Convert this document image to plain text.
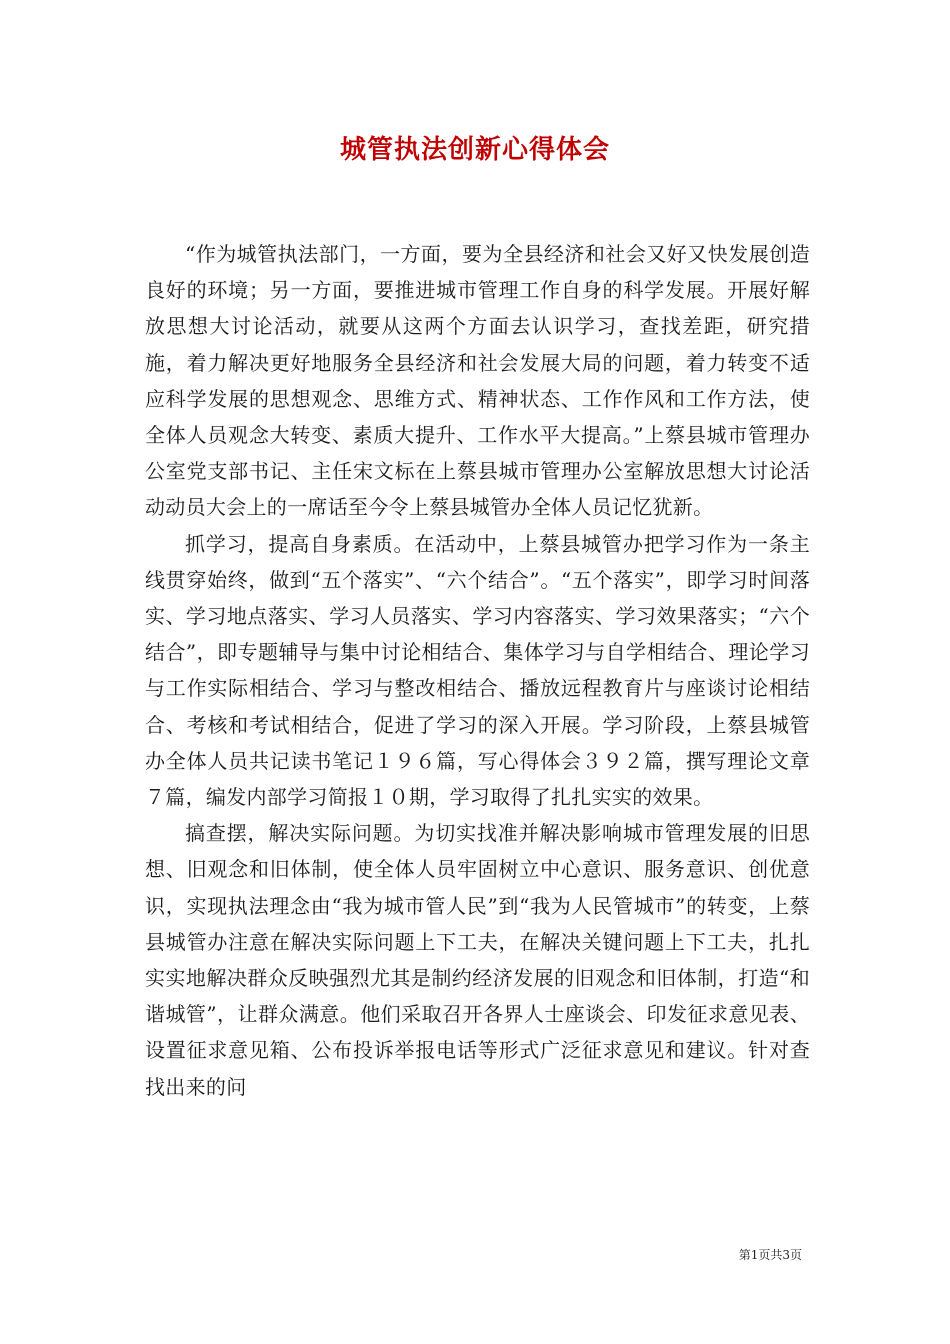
城管执法创新心得体会

“作为城管执法部门，一方面，要为全县经济和社会又好又快发展创造良好的环境；另一方面，要推进城市管理工作自身的科学发展。开展好解放思想大讨论活动，就要从这两个方面去认识学习，查找差距，研究措施，着力解决更好地服务全县经济和社会发展大局的问题，着力转变不适应科学发展的思想观念、思维方式、精神状态、工作作风和工作方法，使全体人员观念大转变、素质大提升、工作水平大提高。”上蔡县城市管理办公室党支部书记、主任宋文标在上蔡县城市管理办公室解放思想大讨论活动动员大会上的一席话至今令上蔡县城管办全体人员记忆犹新。

抓学习，提高自身素质。在活动中，上蔡县城管办把学习作为一条主线贯穿始终，做到“五个落实”、“六个结合”。“五个落实”，即学习时间落实、学习地点落实、学习人员落实、学习内容落实、学习效果落实；“六个结合”，即专题辅导与集中讨论相结合、集体学习与自学相结合、理论学习与工作实际相结合、学习与整改相结合、播放远程教育片与座谈讨论相结合、考核和考试相结合，促进了学习的深入开展。学习阶段，上蔡县城管办全体人员共记读书笔记１９６篇，写心得体会３９２篇，撰写理论文章７篇，编发内部学习简报１０期，学习取得了扎扎实实的效果。

搞查摆，解决实际问题。为切实找准并解决影响城市管理发展的旧思想、旧观念和旧体制，使全体人员牢固树立中心意识、服务意识、创优意识，实现执法理念由“我为城市管人民”到“我为人民管城市”的转变，上蔡县城管办注意在解决实际问题上下工夫，在解决关键问题上下工夫，扎扎实实地解决群众反映强烈尤其是制约经济发展的旧观念和旧体制，打造“和谐城管”，让群众满意。他们采取召开各界人士座谈会、印发征求意见表、设置征求意见箱、公布投诉举报电话等形式广泛征求意见和建议。针对查找出来的问

第1页共3页
